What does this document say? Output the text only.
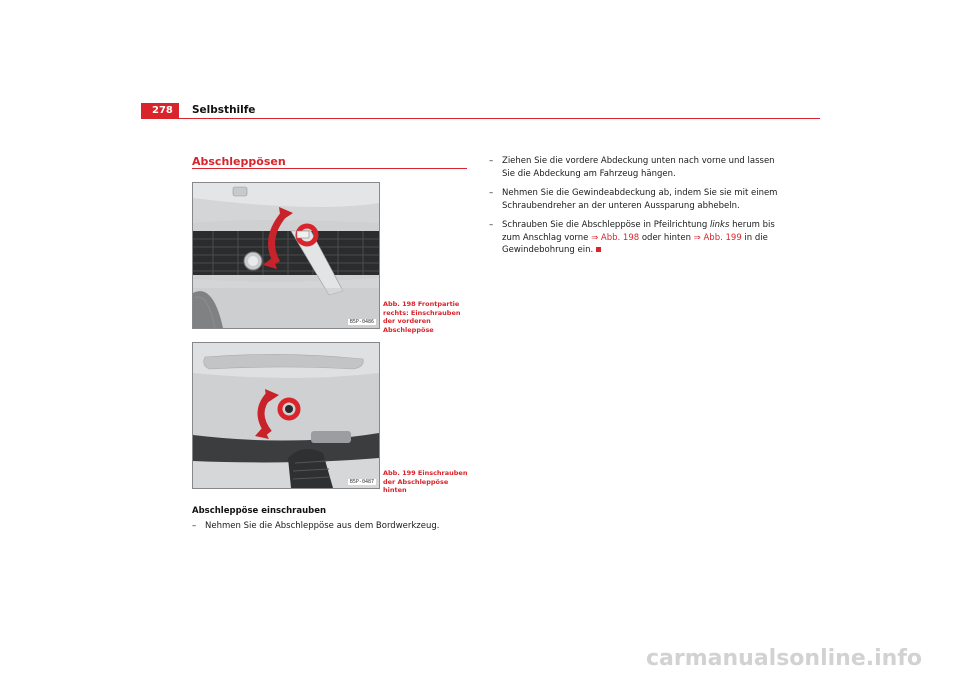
278	Selbsthilfe
Abschleppösen
B5P-0486
Abb. 198 Frontpartie rechts: Einschrauben der vorderen Abschleppöse
B5P-0487
Abb. 199 Einschrauben der Abschleppöse hinten
Abschleppöse einschrauben
– Nehmen Sie die Abschleppöse aus dem Bordwerkzeug.
– Ziehen Sie die vordere Abdeckung unten nach vorne und lassen Sie die Abdeckung am Fahrzeug hängen.
– Nehmen Sie die Gewindeabdeckung ab, indem Sie sie mit einem Schraubendreher an der unteren Aussparung abhebeln.
– Schrauben Sie die Abschleppöse in Pfeilrichtung links herum bis zum Anschlag vorne ⇒ Abb. 198 oder hinten ⇒ Abb. 199 in die Gewindebohrung ein.
carmanualsonline.info
